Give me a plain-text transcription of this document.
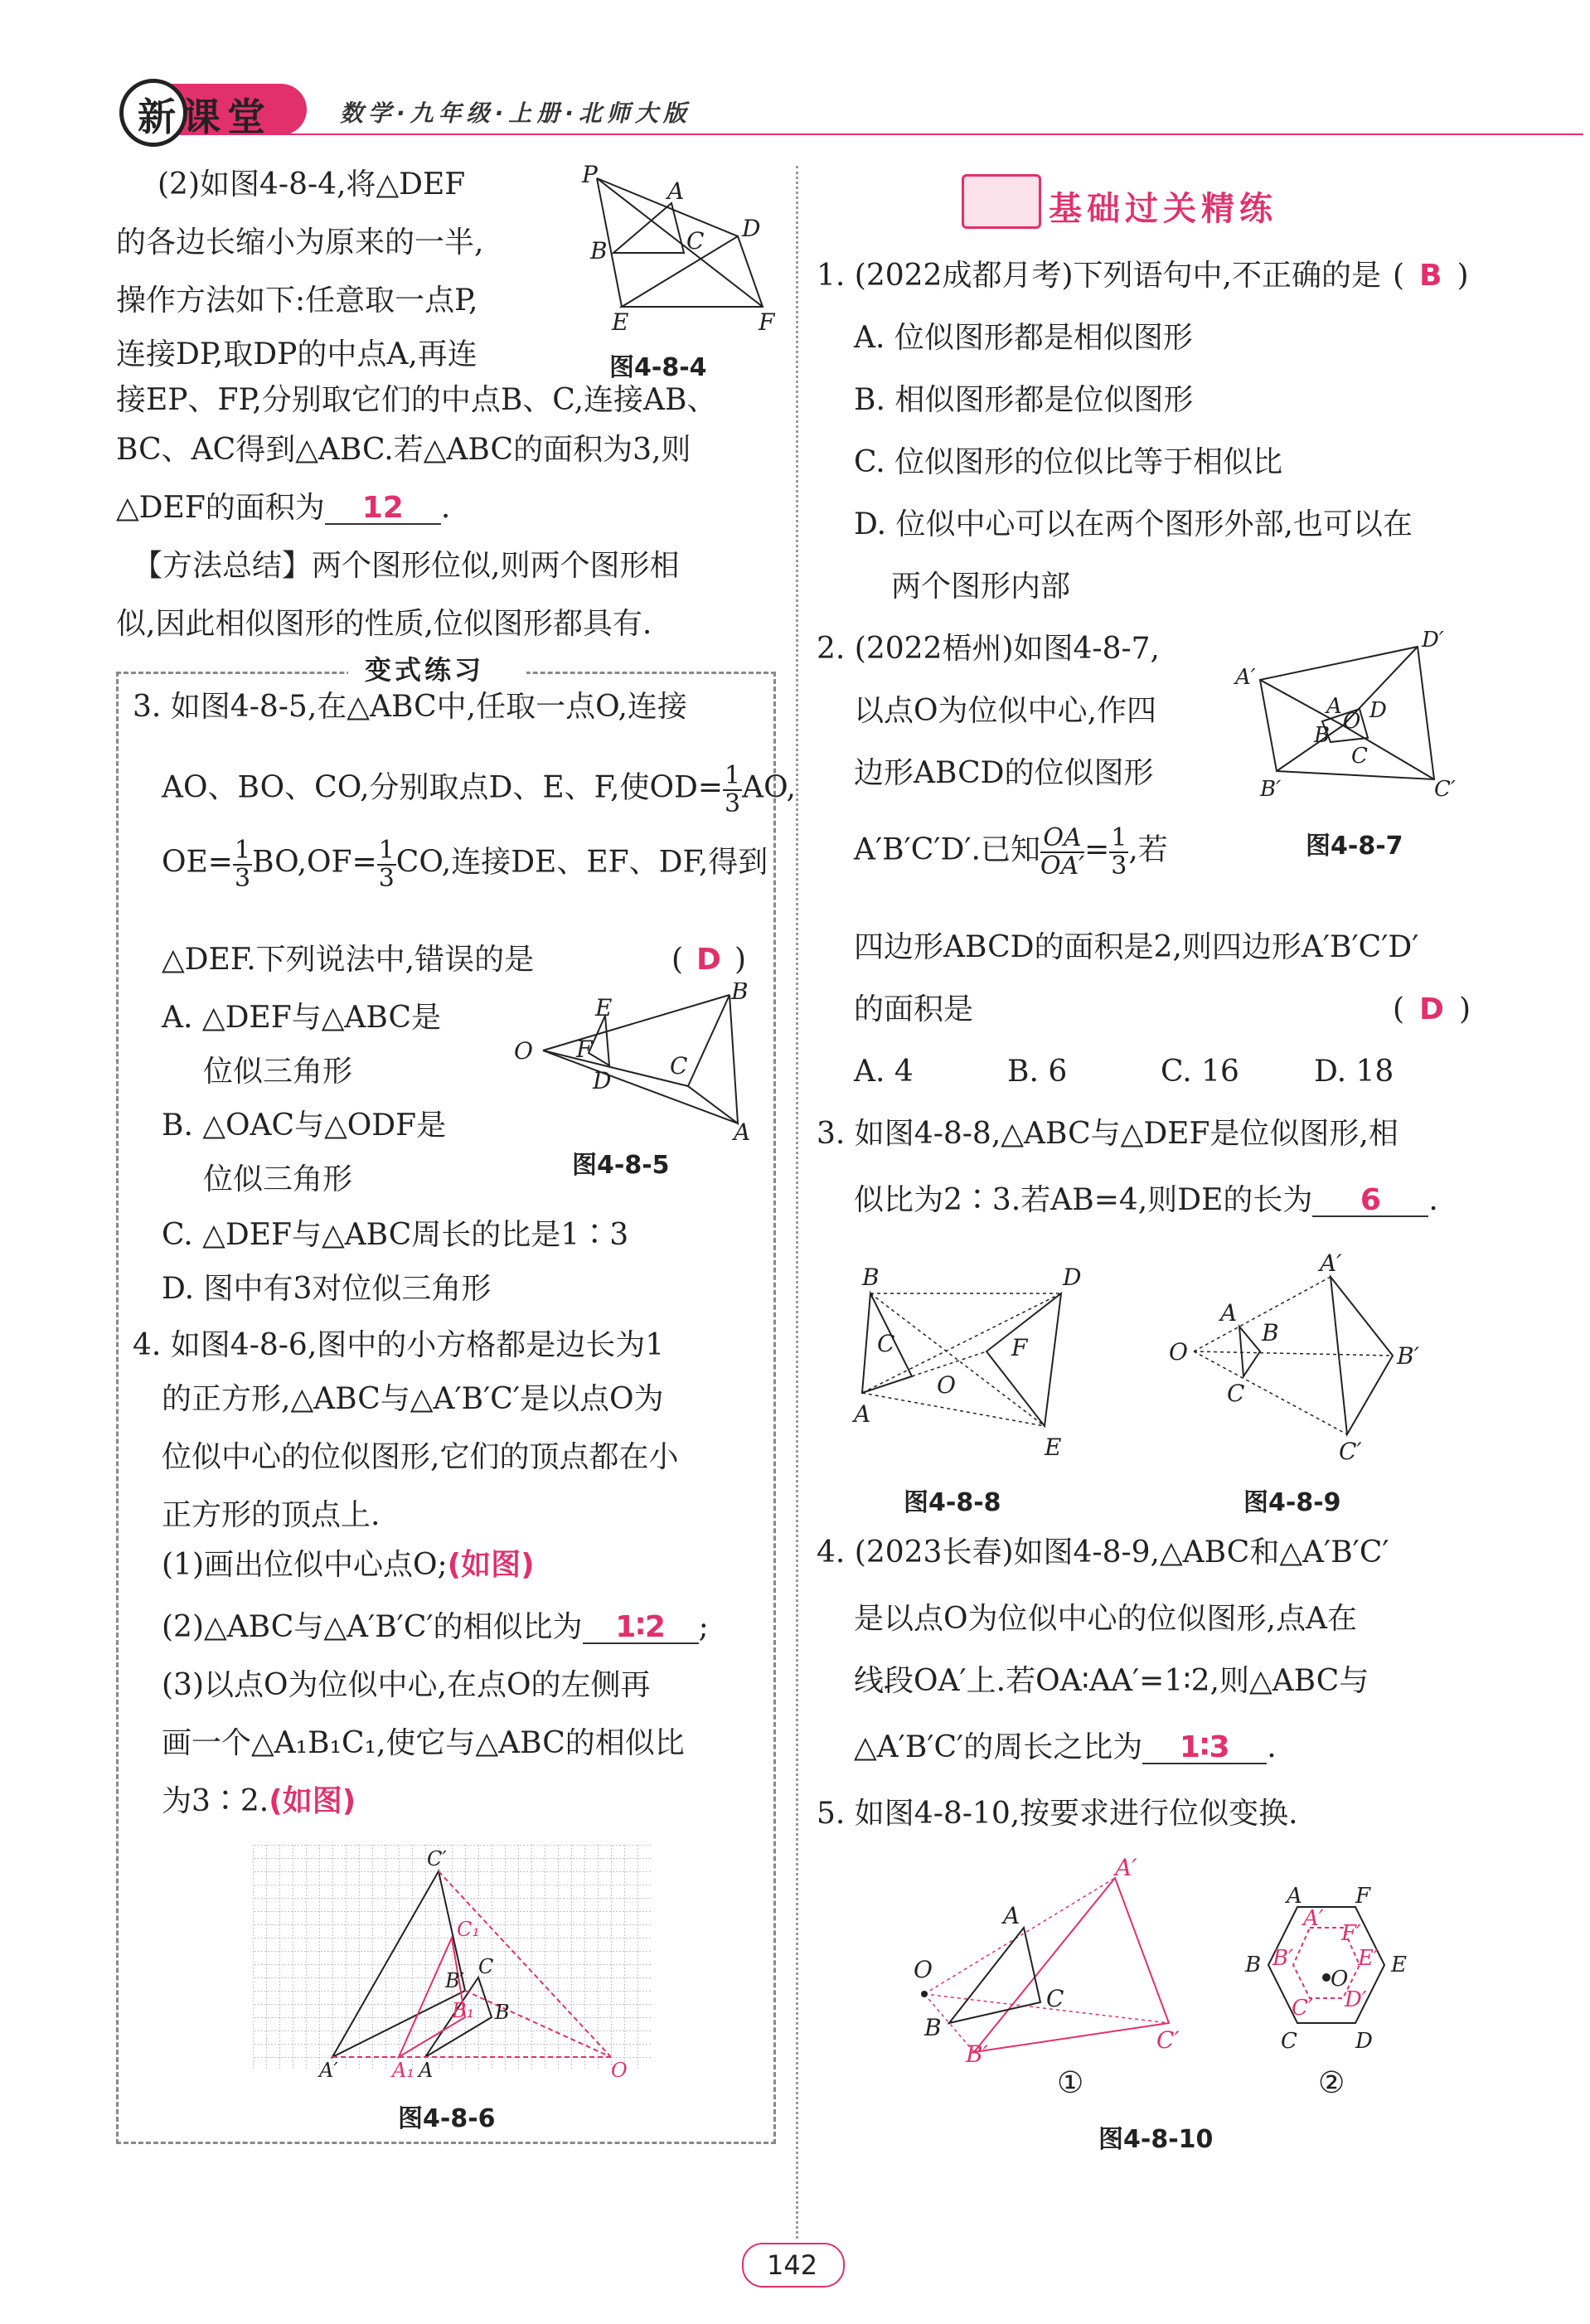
新课堂	数学·九年级·上册·北师大版
(2)如图4-8-4,将△DEF
的各边长缩小为原来的一半,
操作方法如下:任意取一点P,
连接DP,取DP的中点A,再连
接EP、FP,分别取它们的中点B、C,连接AB、
BC、AC得到△ABC.若△ABC的面积为3,则
△DEF的面积为 12 .
P
A
D
B	C
E	F
图4-8-4
【方法总结】两个图形位似,则两个图形相
似,因此相似图形的性质,位似图形都具有.
变式练习
3. 如图4-8-5,在△ABC中,任取一点O,连接
AO、BO、CO,分别取点D、E、F,使$OD= \frac{1}{3}$ AO,
$OE= \frac{1}{3} BO,OF= \frac{1}{3}$ CO,连接DE、EF、DF,得到
△DEF.下列说法中,错误的是	( D )
A. △DEF与△ABC是
位似三角形
B. △OAC与△ODF是
位似三角形
C. △DEF与△ABC周长的比是1∶3
D. 图中有3对位似三角形
O
E
F
D
B
C
A
图4-8-5
4. 如图4-8-6,图中的小方格都是边长为1
的正方形,△ABC与△A′B′C′是以点O为
位似中心的位似图形,它们的顶点都在小
正方形的顶点上.
(1)画出位似中心点O;(如图)
(2)△ABC与△A′B′C′的相似比为 1∶2 ;
(3)以点O为位似中心,在点O的左侧再
画一个△A₁B₁C₁,使它与△ABC的相似比
为3∶2.(如图)
C′
C₁
B′
C
B
B₁
A′	A₁ A	O
图4-8-6
基础过关精练
1. (2022成都月考)下列语句中,不正确的是 ( B )
A. 位似图形都是相似图形
B. 相似图形都是位似图形
C. 位似图形的位似比等于相似比
D. 位似中心可以在两个图形外部,也可以在
两个图形内部
2. (2022梧州)如图4-8-7,
以点O为位似中心,作四
边形ABCD的位似图形
A′B′C′D′.已知 $\frac{OA}{OA'} = \frac{1}{3}$ ,若
四边形ABCD的面积是2,则四边形A′B′C′D′
的面积是	( D )
A. 4	B. 6	C. 16	D. 18
A′
D′
A D
O
B
C
B′	C′
图4-8-7
3. 如图4-8-8,△ABC与△DEF是位似图形,相
似比为2∶3.若AB=4,则DE的长为 6 .
B	D
C	F
O
A
E
图4-8-8
A′
A
B
O	B′
C
C′
图4-8-9
4. (2023长春)如图4-8-9,△ABC和△A′B′C′
是以点O为位似中心的位似图形,点A在
线段OA′上.若OA∶AA′=1∶2,则△ABC与
△A′B′C′的周长之比为 1∶3 .
5. 如图4-8-10,按要求进行位似变换.
A′
A
O
C
B
B′
C′
①
A F
A′
F′
B B′
O
E′ E
C′ D′
C	D
②
图4-8-10
142
